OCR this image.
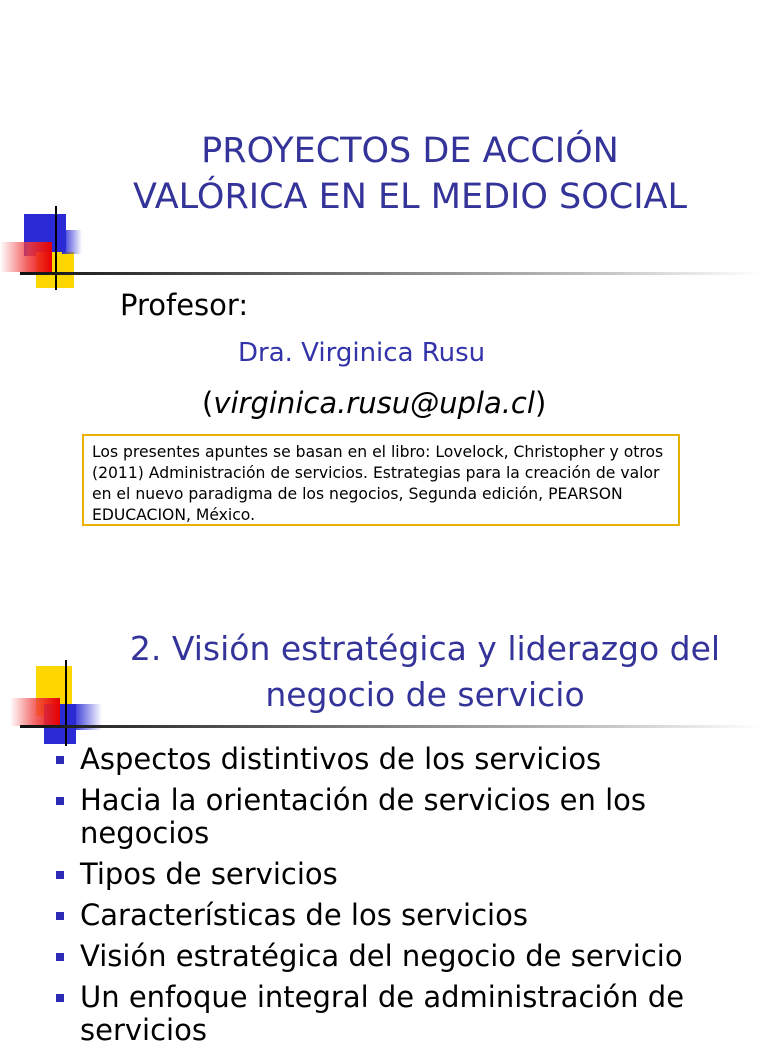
PROYECTOS DE ACCIÓN
VALÓRICA EN EL MEDIO SOCIAL
Profesor:
Dra. Virginica Rusu
(virginica.rusu@upla.cl)
Los presentes apuntes se basan en el libro: Lovelock, Christopher y otros (2011) Administración de servicios. Estrategias para la creación de valor en el nuevo paradigma de los negocios, Segunda edición, PEARSON EDUCACION, México.
2. Visión estratégica y liderazgo del
negocio de servicio
Aspectos distintivos de los servicios
Hacia la orientación de servicios en los negocios
Tipos de servicios
Características de los servicios
Visión estratégica del negocio de servicio
Un enfoque integral de administración de servicios
